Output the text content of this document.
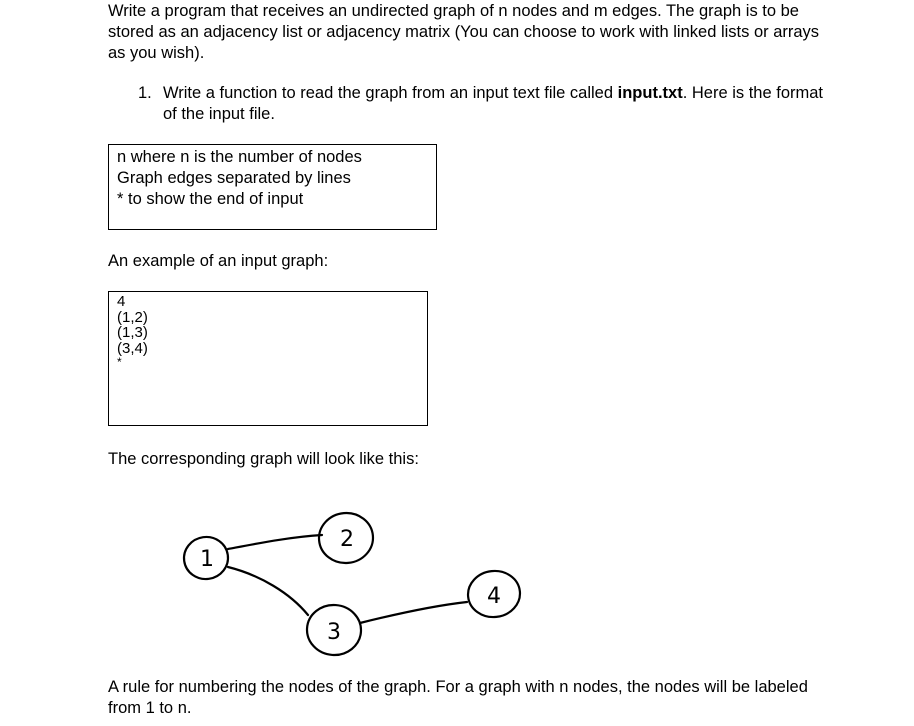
Write a program that receives an undirected graph of n nodes and m edges. The graph is to be stored as an adjacency list or adjacency matrix (You can choose to work with linked lists or arrays as you wish).

1. Write a function to read the graph from an input text file called input.txt. Here is the format of the input file.
n where n is the number of nodes
Graph edges separated by lines
* to show the end of input

An example of an input graph:

4
(1,2)
(1,3)
(3,4)
*

The corresponding graph will look like this:

1
2
3
4

A rule for numbering the nodes of the graph. For a graph with n nodes, the nodes will be labeled from 1 to n.
